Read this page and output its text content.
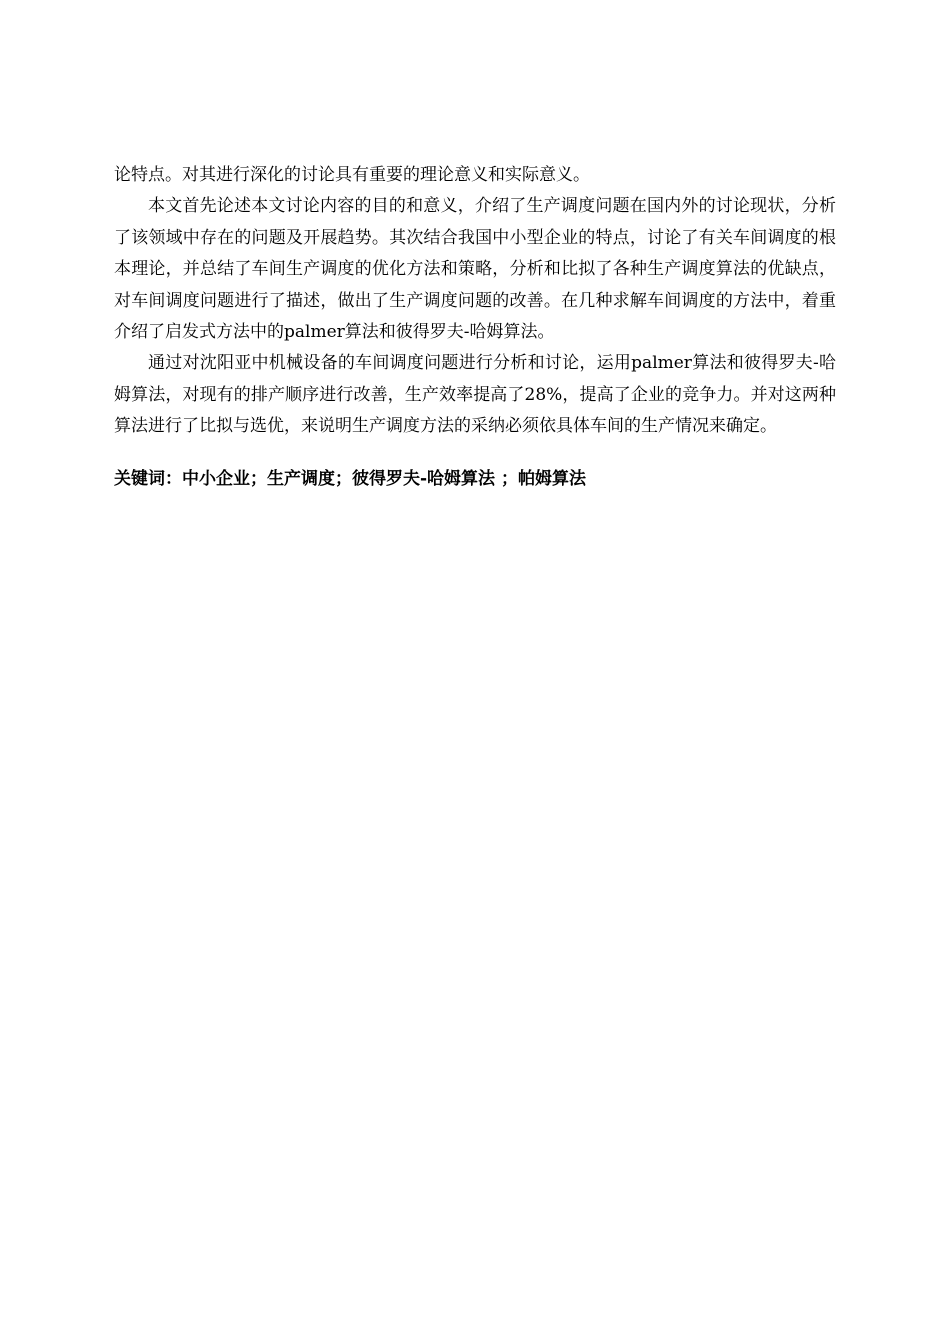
论特点。对其进行深化的讨论具有重要的理论意义和实际意义。

本文首先论述本文讨论内容的目的和意义，介绍了生产调度问题在国内外的讨论现状，分析了该领域中存在的问题及开展趋势。其次结合我国中小型企业的特点，讨论了有关车间调度的根本理论，并总结了车间生产调度的优化方法和策略，分析和比拟了各种生产调度算法的优缺点，对车间调度问题进行了描述，做出了生产调度问题的改善。在几种求解车间调度的方法中，着重介绍了启发式方法中的palmer算法和彼得罗夫-哈姆算法。

通过对沈阳亚中机械设备的车间调度问题进行分析和讨论，运用palmer算法和彼得罗夫-哈姆算法，对现有的排产顺序进行改善，生产效率提高了28%，提高了企业的竞争力。并对这两种算法进行了比拟与选优，来说明生产调度方法的采纳必须依具体车间的生产情况来确定。

关键词：中小企业；生产调度；彼得罗夫-哈姆算法 ；帕姆算法
